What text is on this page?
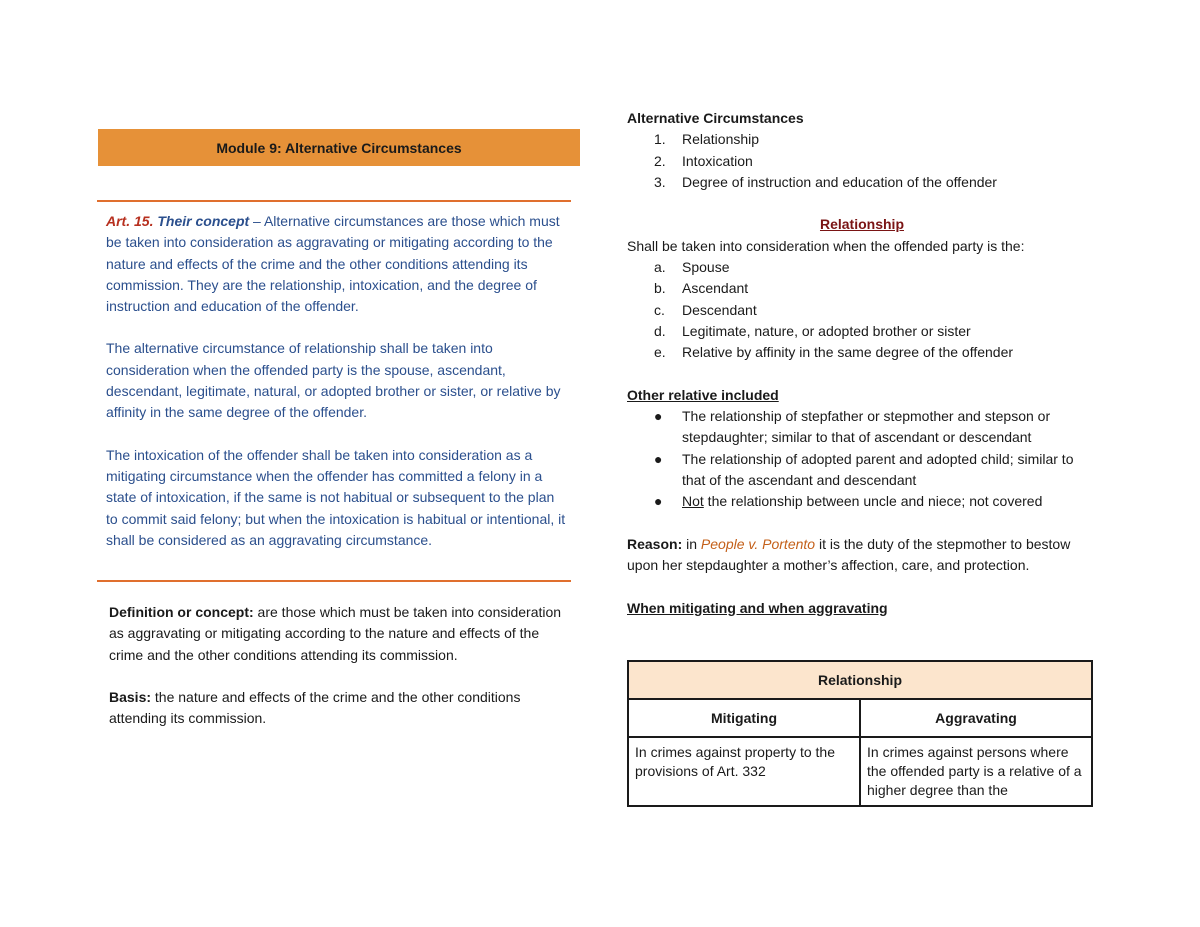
Module 9: Alternative Circumstances

Art. 15. Their concept – Alternative circumstances are those which must be taken into consideration as aggravating or mitigating according to the nature and effects of the crime and the other conditions attending its commission. They are the relationship, intoxication, and the degree of instruction and education of the offender.

The alternative circumstance of relationship shall be taken into consideration when the offended party is the spouse, ascendant, descendant, legitimate, natural, or adopted brother or sister, or relative by affinity in the same degree of the offender.

The intoxication of the offender shall be taken into consideration as a mitigating circumstance when the offender has committed a felony in a state of intoxication, if the same is not habitual or subsequent to the plan to commit said felony; but when the intoxication is habitual or intentional, it shall be considered as an aggravating circumstance.

Definition or concept: are those which must be taken into consideration as aggravating or mitigating according to the nature and effects of the crime and the other conditions attending its commission.

Basis: the nature and effects of the crime and the other conditions attending its commission.

Alternative Circumstances
1. Relationship
2. Intoxication
3. Degree of instruction and education of the offender
Relationship
Shall be taken into consideration when the offended party is the:
a. Spouse
b. Ascendant
c. Descendant
d. Legitimate, nature, or adopted brother or sister
e. Relative by affinity in the same degree of the offender
Other relative included
● The relationship of stepfather or stepmother and stepson or stepdaughter; similar to that of ascendant or descendant
● The relationship of adopted parent and adopted child; similar to that of the ascendant and descendant
● Not the relationship between uncle and niece; not covered
Reason: in People v. Portento it is the duty of the stepmother to bestow upon her stepdaughter a mother’s affection, care, and protection.
When mitigating and when aggravating
Relationship	
Mitigating	Aggravating
In crimes against property to the provisions of Art. 332	In crimes against persons where the offended party is a relative of a higher degree than the
